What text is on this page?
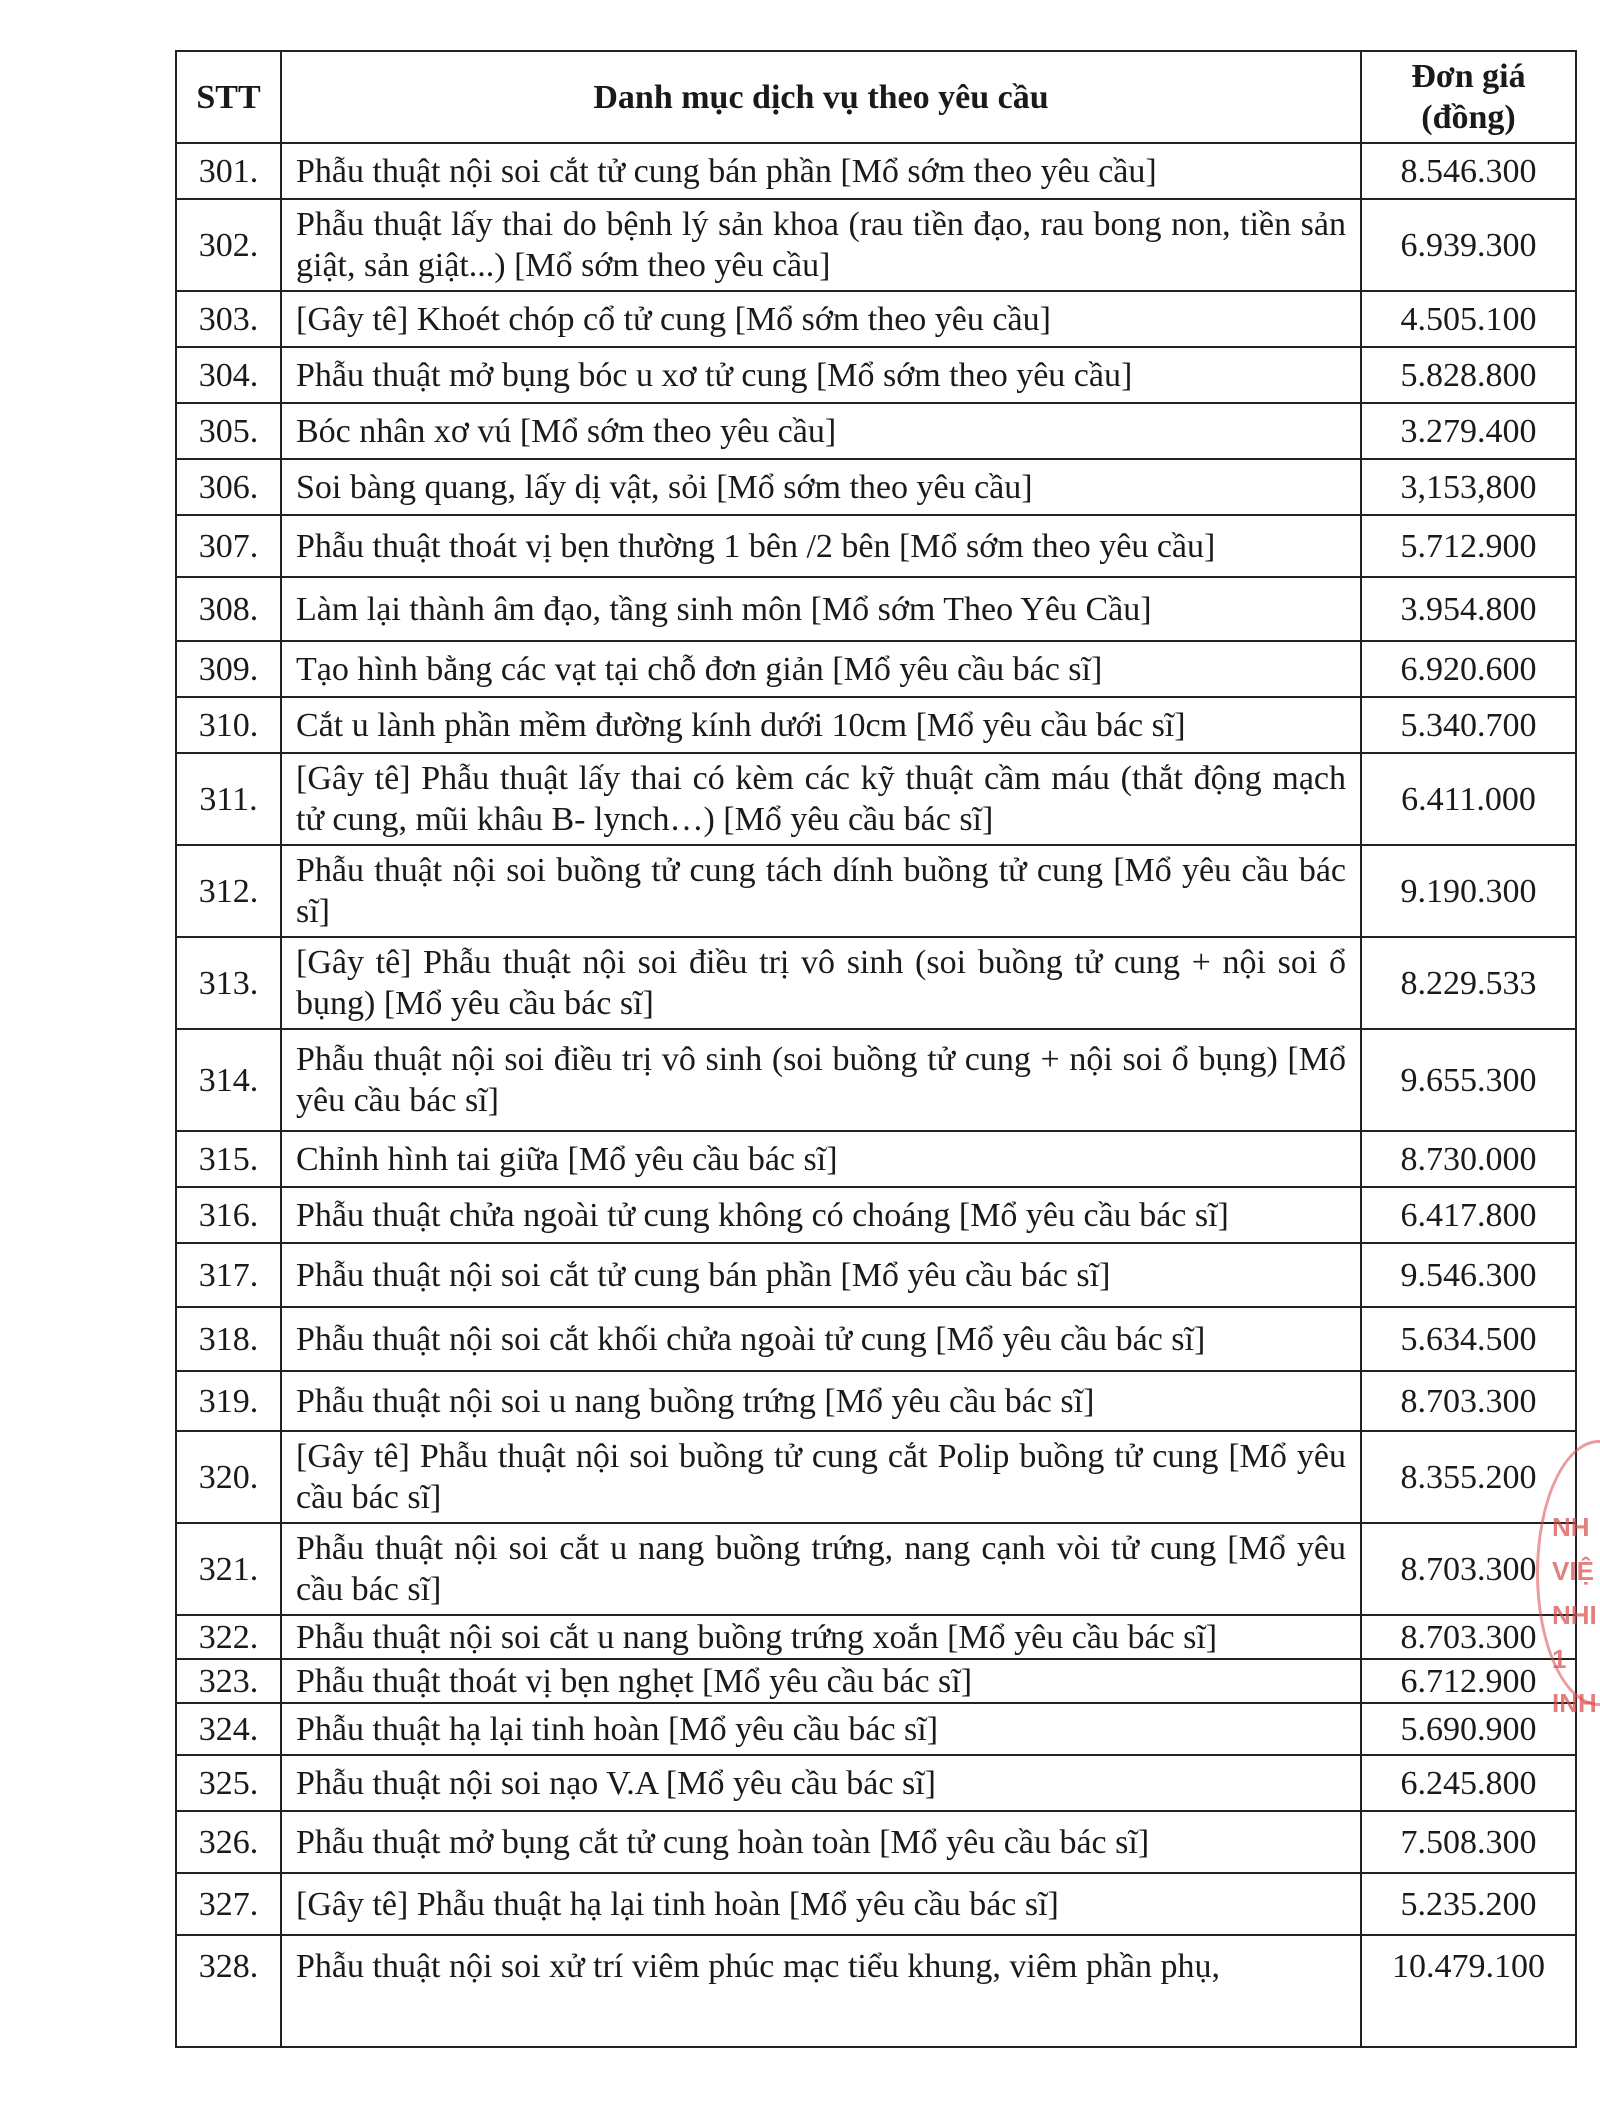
STT	Danh mục dịch vụ theo yêu cầu	Đơn giá (đồng)
301.	Phẫu thuật nội soi cắt tử cung bán phần [Mổ sớm theo yêu cầu]	8.546.300
302.	Phẫu thuật lấy thai do bệnh lý sản khoa (rau tiền đạo, rau bong non, tiền sản giật, sản giật...) [Mổ sớm theo yêu cầu]	6.939.300
303.	[Gây tê] Khoét chóp cổ tử cung [Mổ sớm theo yêu cầu]	4.505.100
304.	Phẫu thuật mở bụng bóc u xơ tử cung [Mổ sớm theo yêu cầu]	5.828.800
305.	Bóc nhân xơ vú [Mổ sớm theo yêu cầu]	3.279.400
306.	Soi bàng quang, lấy dị vật, sỏi [Mổ sớm theo yêu cầu]	3,153,800
307.	Phẫu thuật thoát vị bẹn thường 1 bên /2 bên [Mổ sớm theo yêu cầu]	5.712.900
308.	Làm lại thành âm đạo, tầng sinh môn [Mổ sớm Theo Yêu Cầu]	3.954.800
309.	Tạo hình bằng các vạt tại chỗ đơn giản [Mổ yêu cầu bác sĩ]	6.920.600
310.	Cắt u lành phần mềm đường kính dưới 10cm [Mổ yêu cầu bác sĩ]	5.340.700
311.	[Gây tê] Phẫu thuật lấy thai có kèm các kỹ thuật cầm máu (thắt động mạch tử cung, mũi khâu B- lynch…) [Mổ yêu cầu bác sĩ]	6.411.000
312.	Phẫu thuật nội soi buồng tử cung tách dính buồng tử cung [Mổ yêu cầu bác sĩ]	9.190.300
313.	[Gây tê] Phẫu thuật nội soi điều trị vô sinh (soi buồng tử cung + nội soi ổ bụng) [Mổ yêu cầu bác sĩ]	8.229.533
314.	Phẫu thuật nội soi điều trị vô sinh (soi buồng tử cung + nội soi ổ bụng) [Mổ yêu cầu bác sĩ]	9.655.300
315.	Chỉnh hình tai giữa [Mổ yêu cầu bác sĩ]	8.730.000
316.	Phẫu thuật chửa ngoài tử cung không có choáng [Mổ yêu cầu bác sĩ]	6.417.800
317.	Phẫu thuật nội soi cắt tử cung bán phần [Mổ yêu cầu bác sĩ]	9.546.300
318.	Phẫu thuật nội soi cắt khối chửa ngoài tử cung [Mổ yêu cầu bác sĩ]	5.634.500
319.	Phẫu thuật nội soi u nang buồng trứng [Mổ yêu cầu bác sĩ]	8.703.300
320.	[Gây tê] Phẫu thuật nội soi buồng tử cung cắt Polip buồng tử cung [Mổ yêu cầu bác sĩ]	8.355.200
321.	Phẫu thuật nội soi cắt u nang buồng trứng, nang cạnh vòi tử cung [Mổ yêu cầu bác sĩ]	8.703.300
322.	Phẫu thuật nội soi cắt u nang buồng trứng xoắn [Mổ yêu cầu bác sĩ]	8.703.300
323.	Phẫu thuật thoát vị bẹn nghẹt [Mổ yêu cầu bác sĩ]	6.712.900
324.	Phẫu thuật hạ lại tinh hoàn [Mổ yêu cầu bác sĩ]	5.690.900
325.	Phẫu thuật nội soi nạo V.A [Mổ yêu cầu bác sĩ]	6.245.800
326.	Phẫu thuật mở bụng cắt tử cung hoàn toàn [Mổ yêu cầu bác sĩ]	7.508.300
327.	[Gây tê] Phẫu thuật hạ lại tinh hoàn [Mổ yêu cầu bác sĩ]	5.235.200
328.	Phẫu thuật nội soi xử trí viêm phúc mạc tiểu khung, viêm phần phụ,	10.479.100
NH
VIỆ
NHI
1
INH
